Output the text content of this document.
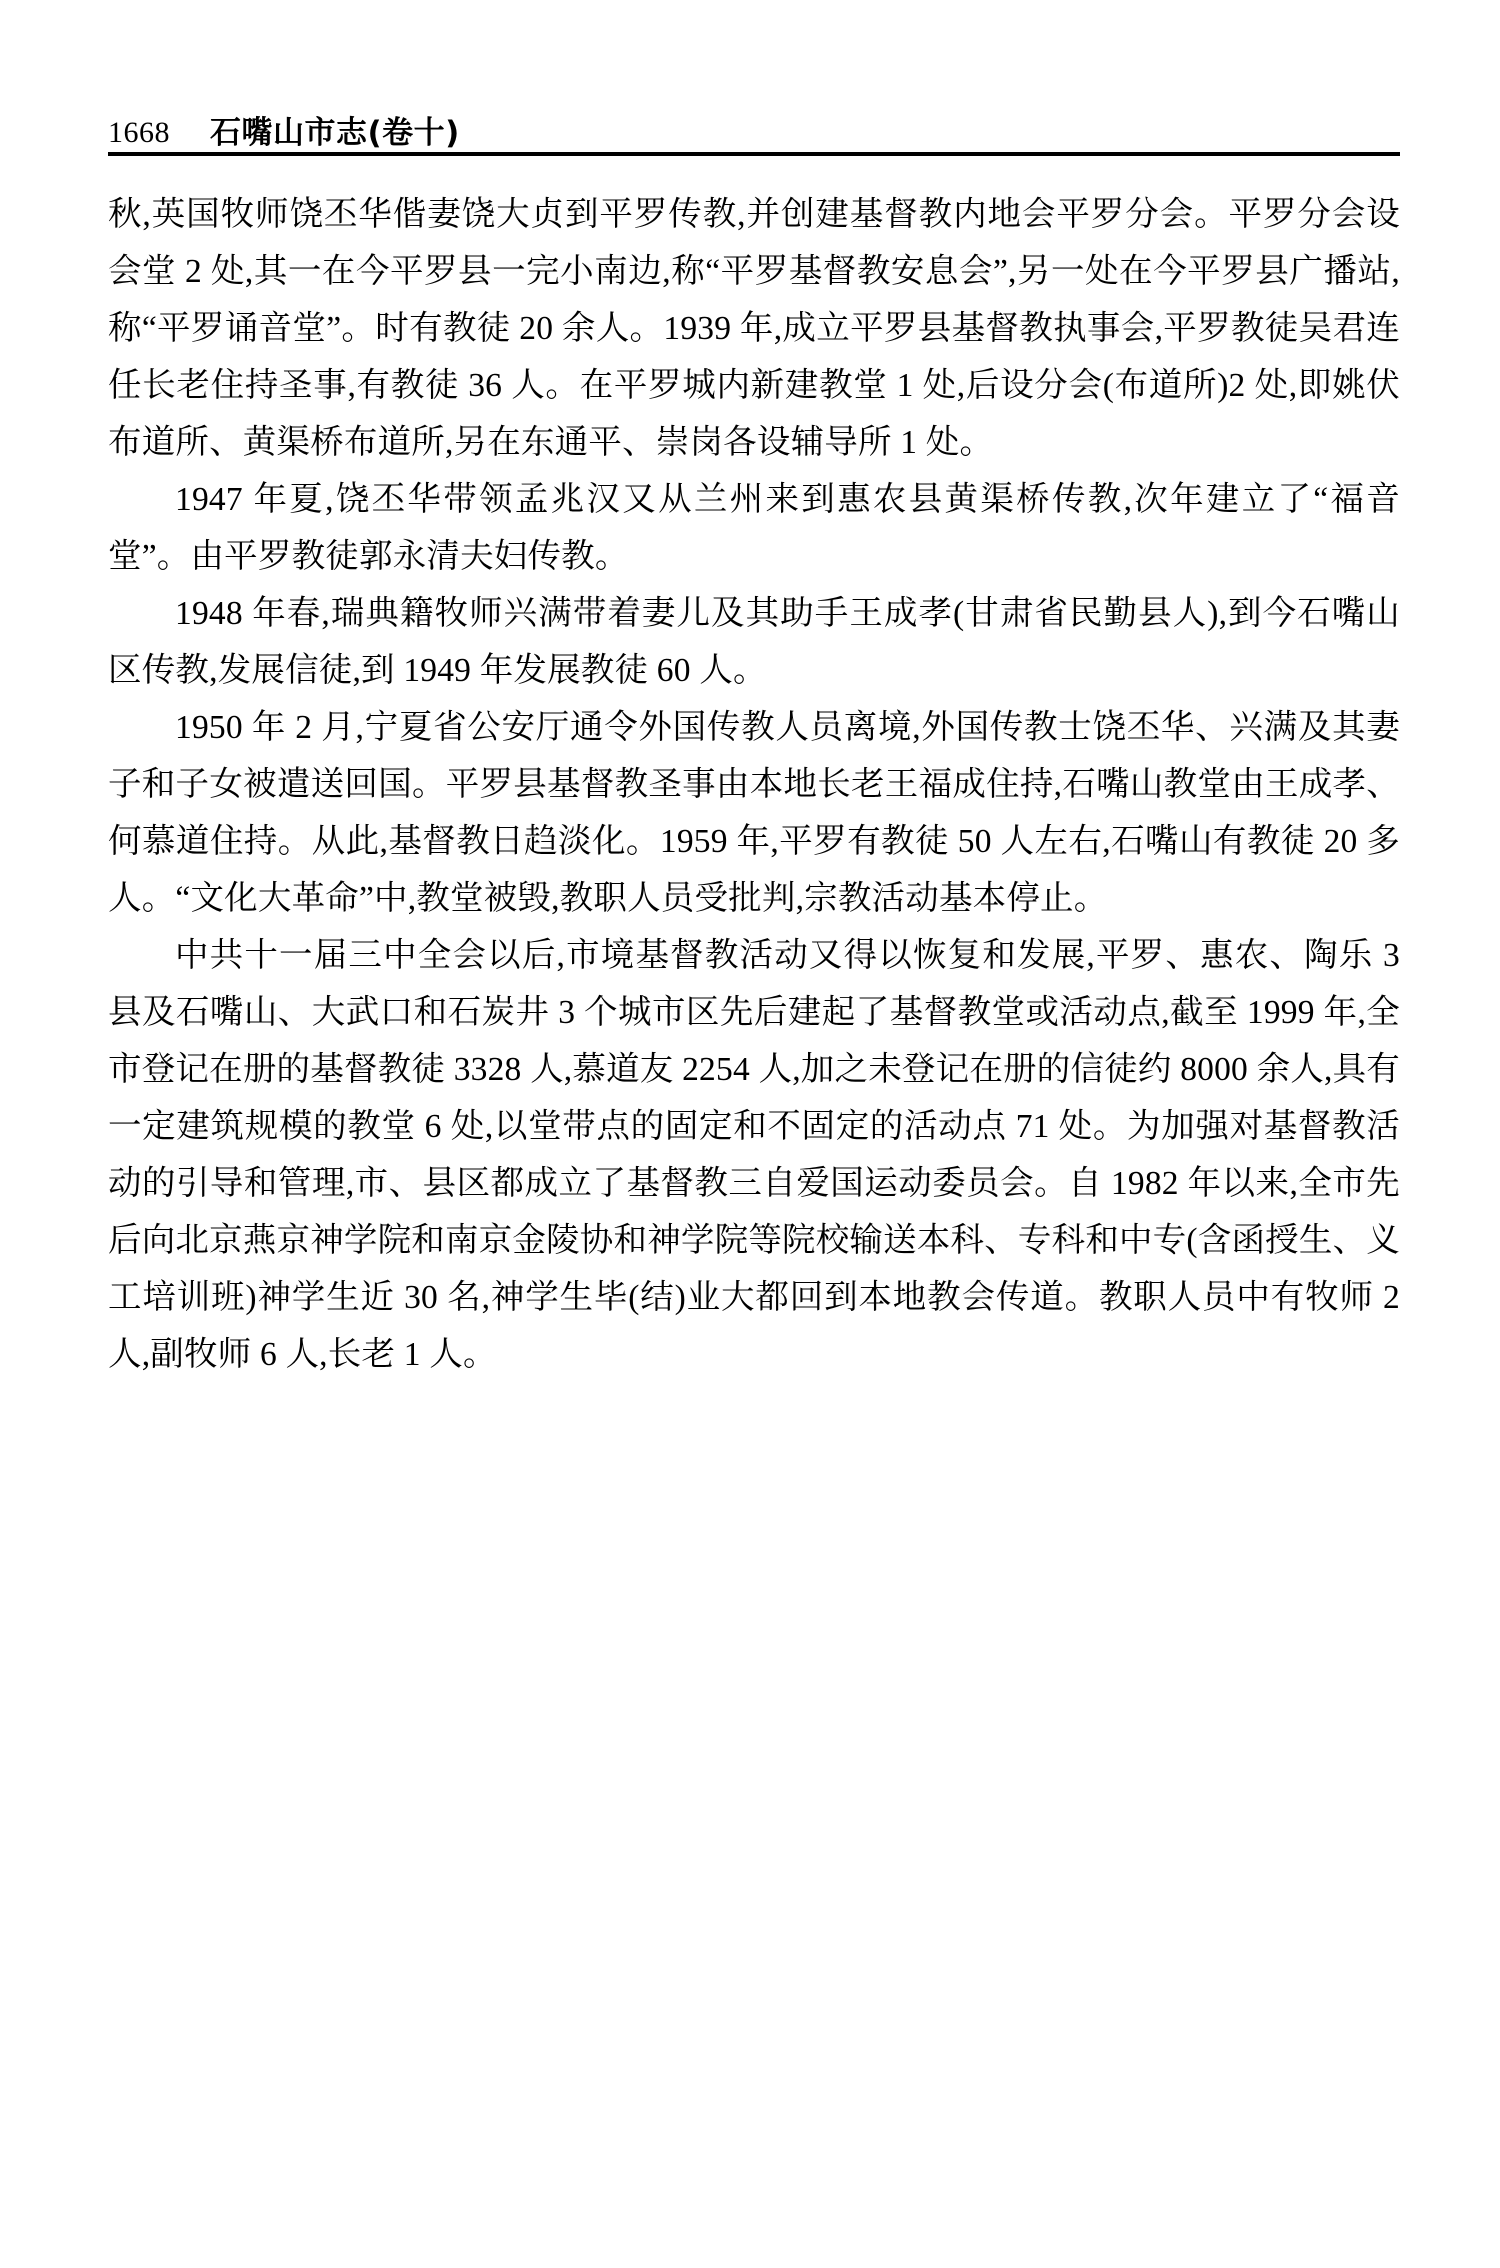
1668 石嘴山市志(卷十)

秋,英国牧师饶丕华偕妻饶大贞到平罗传教,并创建基督教内地会平罗分会。平罗分会设会堂 2 处,其一在今平罗县一完小南边,称“平罗基督教安息会”,另一处在今平罗县广播站,称“平罗诵音堂”。时有教徒 20 余人。1939 年,成立平罗县基督教执事会,平罗教徒吴君连任长老住持圣事,有教徒 36 人。在平罗城内新建教堂 1 处,后设分会(布道所)2 处,即姚伏布道所、黄渠桥布道所,另在东通平、崇岗各设辅导所 1 处。

1947 年夏,饶丕华带领孟兆汉又从兰州来到惠农县黄渠桥传教,次年建立了“福音堂”。由平罗教徒郭永清夫妇传教。

1948 年春,瑞典籍牧师兴满带着妻儿及其助手王成孝(甘肃省民勤县人),到今石嘴山区传教,发展信徒,到 1949 年发展教徒 60 人。

1950 年 2 月,宁夏省公安厅通令外国传教人员离境,外国传教士饶丕华、兴满及其妻子和子女被遣送回国。平罗县基督教圣事由本地长老王福成住持,石嘴山教堂由王成孝、何慕道住持。从此,基督教日趋淡化。1959 年,平罗有教徒 50 人左右,石嘴山有教徒 20 多人。“文化大革命”中,教堂被毁,教职人员受批判,宗教活动基本停止。

中共十一届三中全会以后,市境基督教活动又得以恢复和发展,平罗、惠农、陶乐 3 县及石嘴山、大武口和石炭井 3 个城市区先后建起了基督教堂或活动点,截至 1999 年,全市登记在册的基督教徒 3328 人,慕道友 2254 人,加之未登记在册的信徒约 8000 余人,具有一定建筑规模的教堂 6 处,以堂带点的固定和不固定的活动点 71 处。为加强对基督教活动的引导和管理,市、县区都成立了基督教三自爱国运动委员会。自 1982 年以来,全市先后向北京燕京神学院和南京金陵协和神学院等院校输送本科、专科和中专(含函授生、义工培训班)神学生近 30 名,神学生毕(结)业大都回到本地教会传道。教职人员中有牧师 2 人,副牧师 6 人,长老 1 人。
